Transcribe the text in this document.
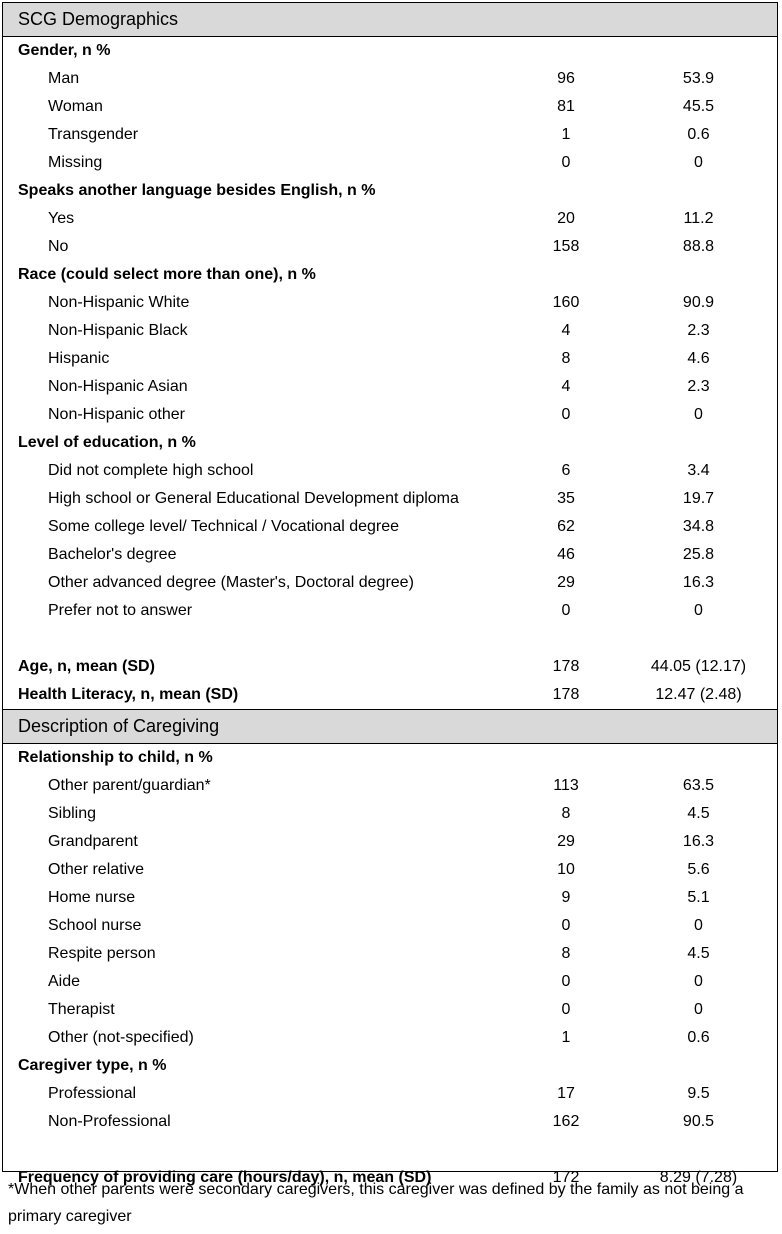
SCG Demographics
Gender, n %
Man	96	53.9
Woman	81	45.5
Transgender	1	0.6
Missing	0	0
Speaks another language besides English, n %
Yes	20	11.2
No	158	88.8
Race (could select more than one), n %
Non-Hispanic White	160	90.9
Non-Hispanic Black	4	2.3
Hispanic	8	4.6
Non-Hispanic Asian	4	2.3
Non-Hispanic other	0	0
Level of education, n %
Did not complete high school	6	3.4
High school or General Educational Development diploma	35	19.7
Some college level/ Technical / Vocational degree	62	34.8
Bachelor's degree	46	25.8
Other advanced degree (Master's, Doctoral degree)	29	16.3
Prefer not to answer	0	0
Age, n, mean (SD)	178	44.05 (12.17)
Health Literacy, n, mean (SD)	178	12.47 (2.48)
Description of Caregiving
Relationship to child, n %
Other parent/guardian*	113	63.5
Sibling	8	4.5
Grandparent	29	16.3
Other relative	10	5.6
Home nurse	9	5.1
School nurse	0	0
Respite person	8	4.5
Aide	0	0
Therapist	0	0
Other (not-specified)	1	0.6
Caregiver type, n %
Professional	17	9.5
Non-Professional	162	90.5
Frequency of providing care (hours/day), n, mean (SD)	172	8.29 (7.28)
*When other parents were secondary caregivers, this caregiver was defined by the family as not being a primary caregiver
